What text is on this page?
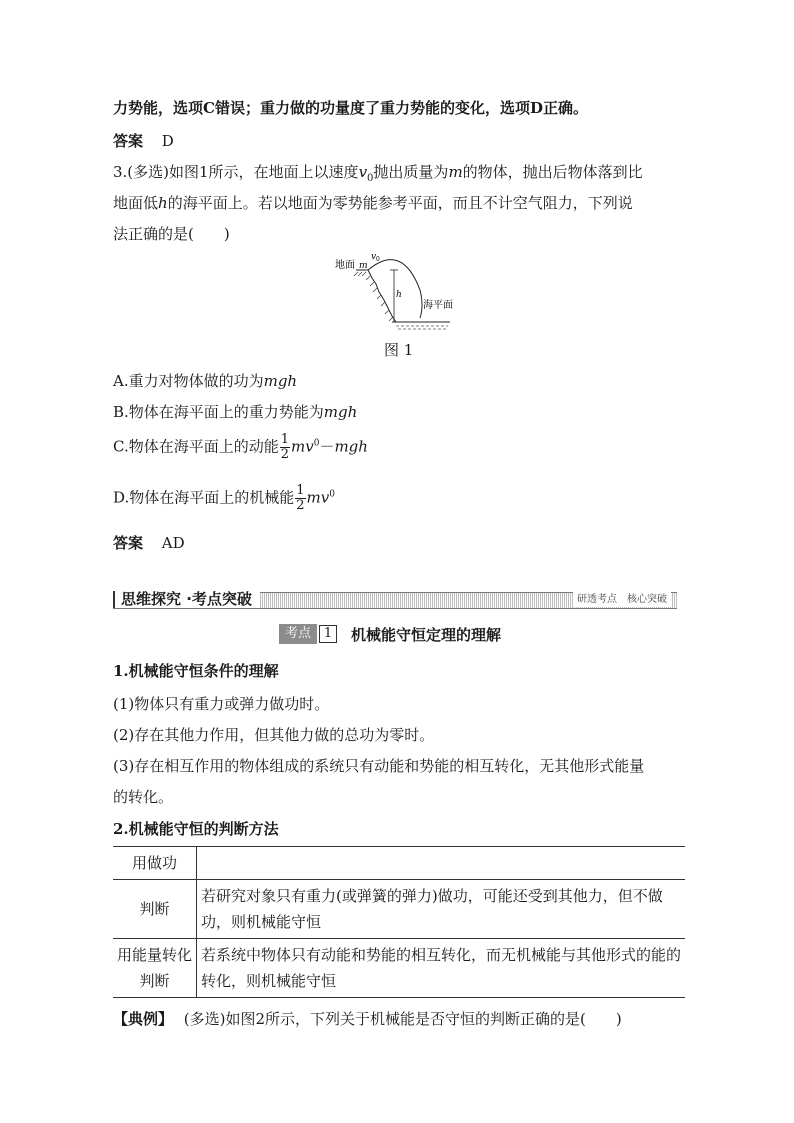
力势能，选项C错误；重力做的功量度了重力势能的变化，选项D正确。
答案 D
3.(多选)如图1所示，在地面上以速度$v_0$抛出质量为m的物体，抛出后物体落到比
地面低h的海平面上。若以地面为零势能参考平面，而且不计空气阻力，下列说
法正确的是(　　)
地面 m
v 0
h
海平面
图 1
A.重力对物体做的功为mgh
B.物体在海平面上的重力势能为mgh
C.物体在海平面上的动能 $\frac{1}{2} mv^0-mgh$
D.物体在海平面上的机械能 $\frac{1}{2} mv^0$
答案 AD
思维探究 ·考点突破	研透考点　核心突破
考点 1	机械能守恒定理的理解
1.机械能守恒条件的理解
(1)物体只有重力或弹力做功时。
(2)存在其他力作用，但其他力做的总功为零时。
(3)存在相互作用的物体组成的系统只有动能和势能的相互转化，无其他形式能量
的转化。
2.机械能守恒的判断方法
用做功	
判断	若研究对象只有重力(或弹簧的弹力)做功，可能还受到其他力，但不做功，则机械能守恒
用能量转化判断	若系统中物体只有动能和势能的相互转化，而无机械能与其他形式的能的转化，则机械能守恒
【典例】 (多选)如图2所示，下列关于机械能是否守恒的判断正确的是(　　)
